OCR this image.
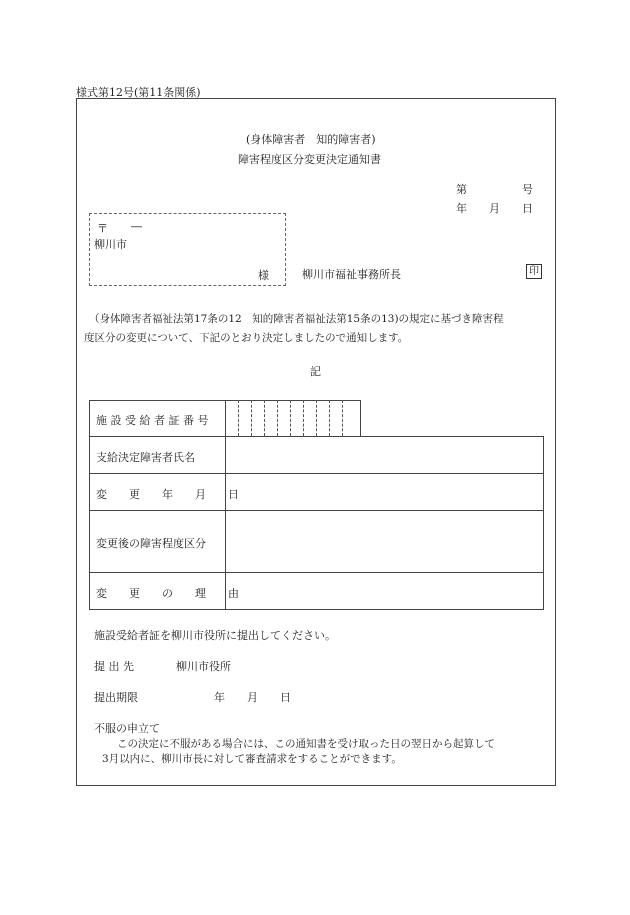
様式第12号(第11条関係)
(身体障害者　知的障害者)
障害程度区分変更決定通知書
第　　　　　号
年　　月　　日
〒 ―
柳川市
様	柳川市福祉事務所長	印
（身体障害者福祉法第17条の12　知的障害者福祉法第15条の13)の規定に基づき障害程
度区分の変更について、下記のとおり決定しましたので通知します。
記
施 設 受 給 者 証 番 号
支給決定障害者氏名
変　　更　　年　　月　　日
変更後の障害程度区分
変　　更　　の　　理　　由
施設受給者証を柳川市役所に提出してください。
提 出 先	柳川市役所
提出期限	年　　月　　日
不服の申立て
この決定に不服がある場合には、この通知書を受け取った日の翌日から起算して
3月以内に、柳川市長に対して審査請求をすることができます。
